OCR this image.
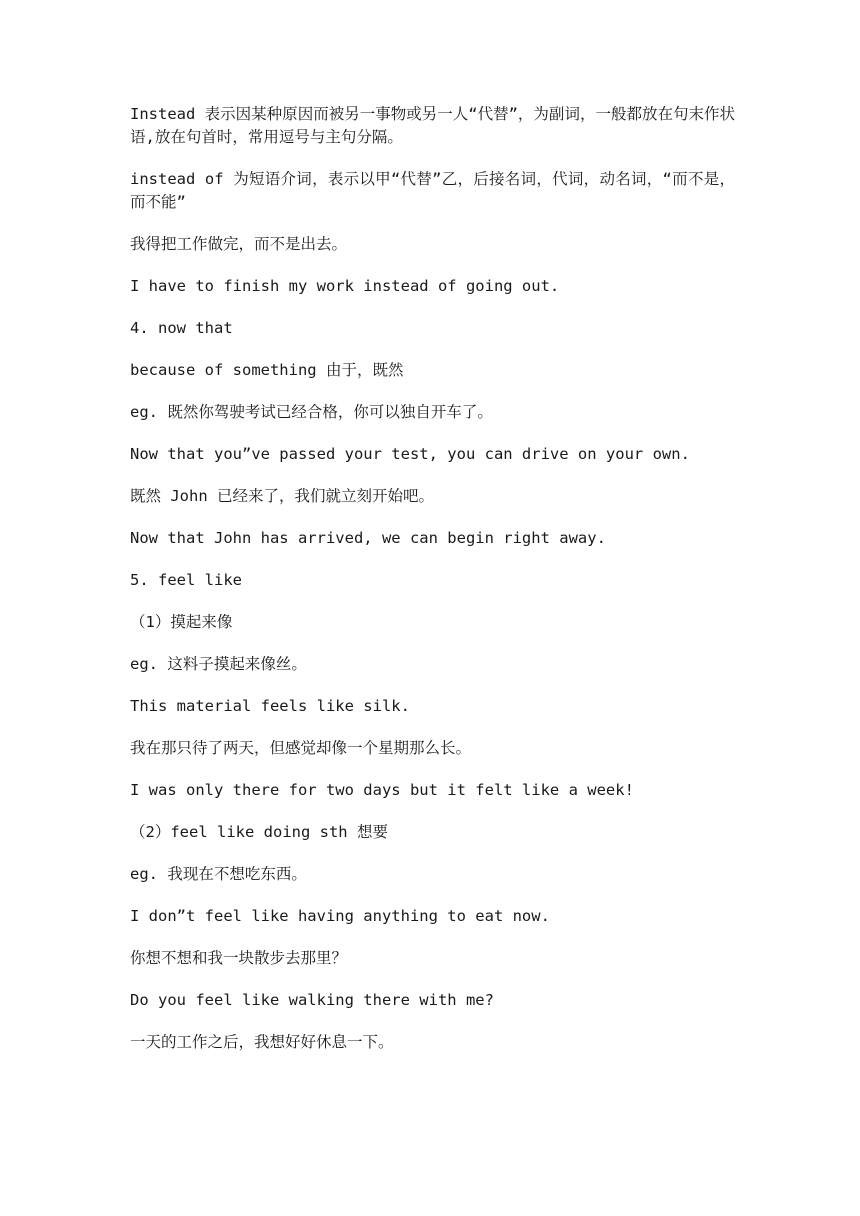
Instead 表示因某种原因而被另一事物或另一人“代替”，为副词，一般都放在句末作状语,放在句首时，常用逗号与主句分隔。

instead of 为短语介词，表示以甲“代替”乙，后接名词，代词，动名词，“而不是，而不能”

我得把工作做完，而不是出去。

I have to finish my work instead of going out.

4. now that

because of something 由于，既然

eg. 既然你驾驶考试已经合格，你可以独自开车了。

Now that you”ve passed your test, you can drive on your own.

既然 John 已经来了，我们就立刻开始吧。

Now that John has arrived, we can begin right away.

5. feel like

（1）摸起来像

eg. 这料子摸起来像丝。

This material feels like silk.

我在那只待了两天，但感觉却像一个星期那么长。

I was only there for two days but it felt like a week!

（2）feel like doing sth 想要

eg. 我现在不想吃东西。

I don”t feel like having anything to eat now.

你想不想和我一块散步去那里？

Do you feel like walking there with me?

一天的工作之后，我想好好休息一下。
